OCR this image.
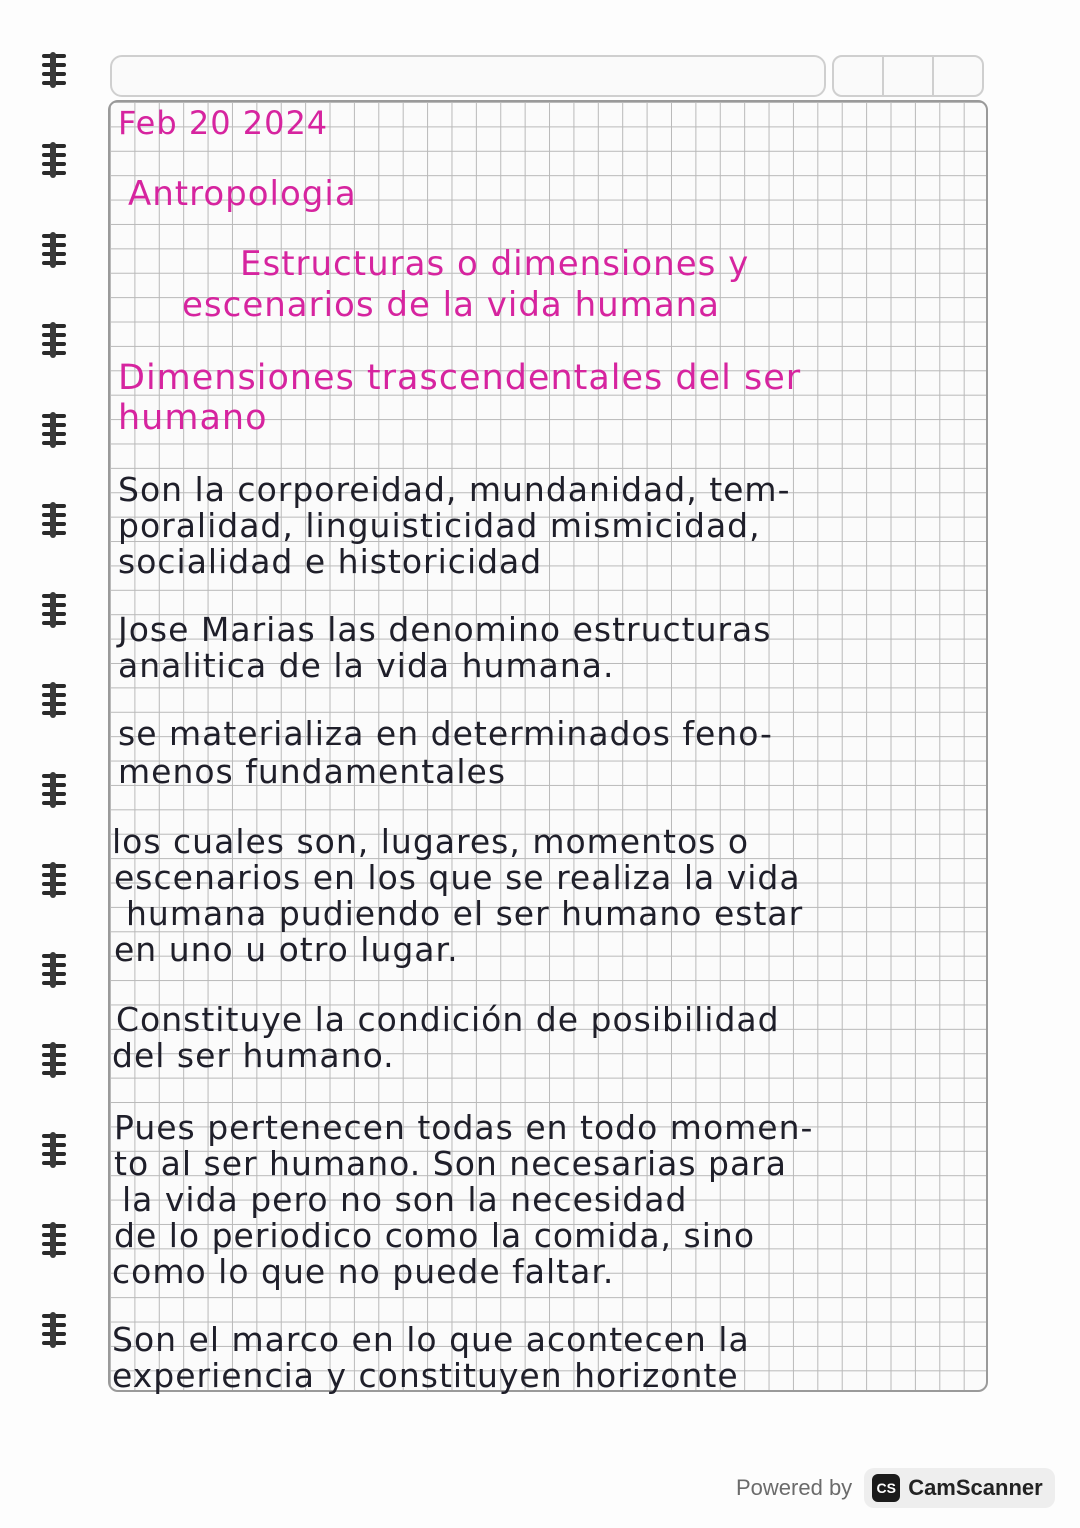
Feb 20 2024
Antropologia
Estructuras o dimensiones y
escenarios de la vida humana
Dimensiones trascendentales del ser
humano
Son la corporeidad, mundanidad, tem-
poralidad, linguisticidad mismicidad,
socialidad e historicidad
Jose Marias las denomino estructuras
analitica de la vida humana.
se materializa en determinados feno-
menos fundamentales
los cuales son, lugares, momentos o
escenarios en los que se realiza la vida
humana pudiendo el ser humano estar
en uno u otro lugar.
Constituye la condición de posibilidad
del ser humano.
Pues pertenecen todas en todo momen-
to al ser humano. Son necesarias para
la vida pero no son la necesidad
de lo periodico como la comida, sino
como lo que no puede faltar.
Son el marco en lo que acontecen la
experiencia y constituyen horizonte
Powered by	CS CamScanner
